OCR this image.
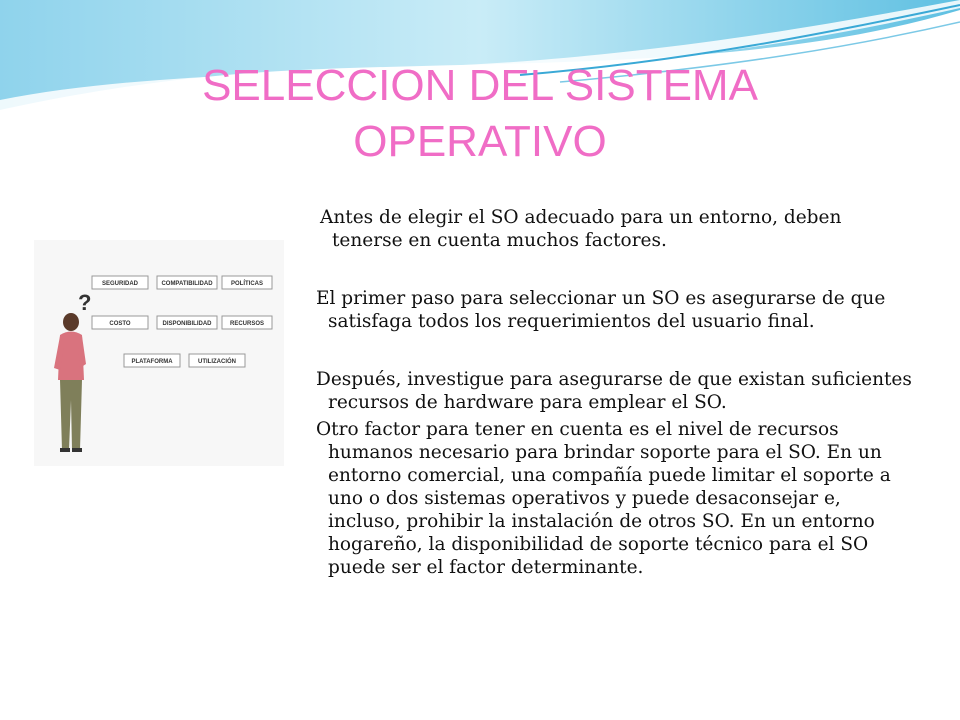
SELECCION DEL SISTEMA
OPERATIVO
?
SEGURIDAD	COMPATIBILIDAD	POLÍTICAS
COSTO	DISPONIBILIDAD	RECURSOS
PLATAFORMA	UTILIZACIÓN

Antes de elegir el SO adecuado para un entorno, deben tenerse en cuenta muchos factores.

El primer paso para seleccionar un SO es asegurarse de que satisfaga todos los requerimientos del usuario final.

Después, investigue para asegurarse de que existan suficientes recursos de hardware para emplear el SO.

Otro factor para tener en cuenta es el nivel de recursos humanos necesario para brindar soporte para el SO. En un entorno comercial, una compañía puede limitar el soporte a uno o dos sistemas operativos y puede desaconsejar e, incluso, prohibir la instalación de otros SO. En un entorno hogareño, la disponibilidad de soporte técnico para el SO puede ser el factor determinante.
